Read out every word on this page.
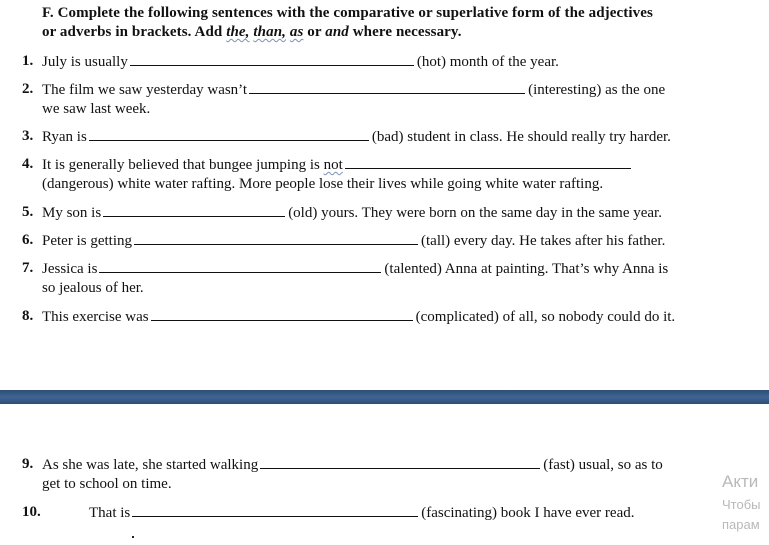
F. Complete the following sentences with the comparative or superlative form of the adjectives
or adverbs in brackets. Add the, than, as or and where necessary.
1. July is usually	(hot) month of the year.
2. The film we saw yesterday wasn’t	(interesting) as the one
we saw last week.
3. Ryan is	(bad) student in class. He should really try harder.
4. It is generally believed that bungee jumping is not
(dangerous) white water rafting. More people lose their lives while going white water rafting.
5. My son is	(old) yours. They were born on the same day in the same year.
6. Peter is getting	(tall) every day. He takes after his father.
7. Jessica is	(talented) Anna at painting. That’s why Anna is
so jealous of her.
8. This exercise was	(complicated) of all, so nobody could do it.
9. As she was late, she started walking	(fast) usual, so as to
get to school on time.
10.	That is	(fascinating) book I have ever read.
Акти
Чтобы
парам
